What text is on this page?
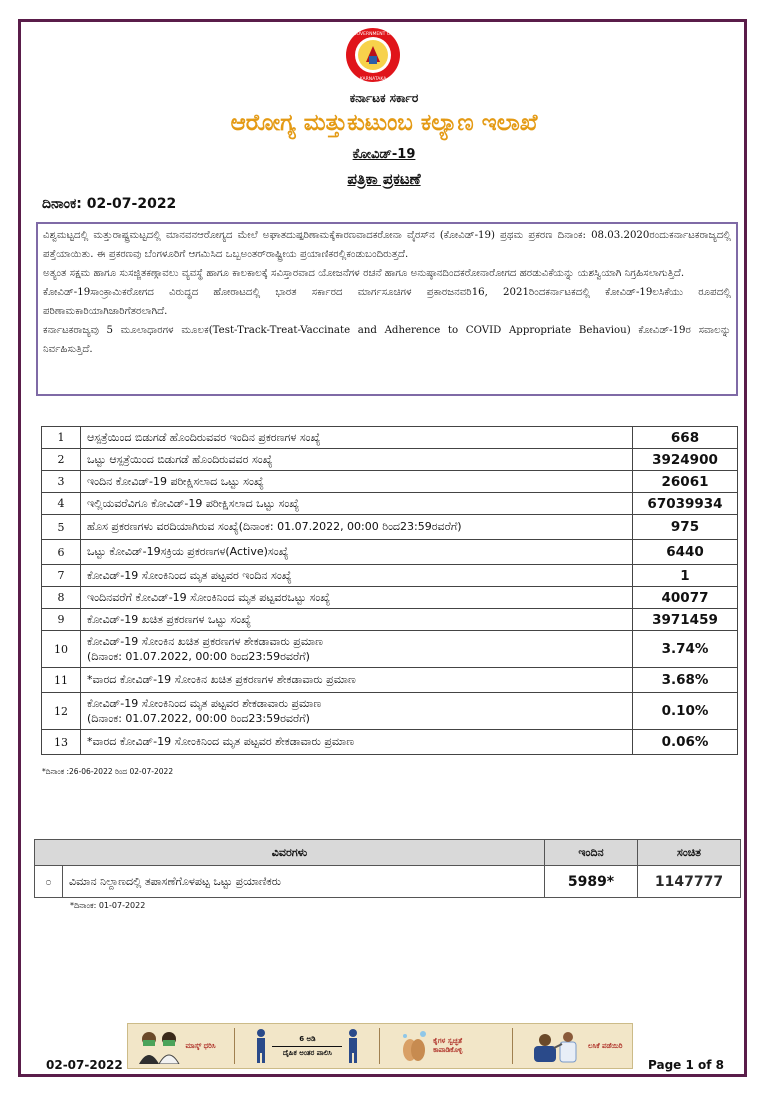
GOVERNMENT OF
KARNATAKA
ಕರ್ನಾಟಕ ಸರ್ಕಾರ
ಆರೋಗ್ಯ ಮತ್ತುಕುಟುಂಬ ಕಲ್ಯಾಣ ಇಲಾಖೆ
ಕೋವಿಡ್-19
ಪತ್ರಿಕಾ ಪ್ರಕಟಣೆ
ದಿನಾಂಕ: 02-07-2022

ವಿಶ್ವಮಟ್ಟದಲ್ಲಿ ಮತ್ತುರಾಷ್ಟ್ರಮಟ್ಟದಲ್ಲಿ ಮಾನವನಆರೋಗ್ಯದ ಮೇಲೆ ಅಘಾತದುಷ್ಪರಿಣಾಮಕ್ಕೆಕಾರಣವಾದಕರೋನಾ ವೈರಸ್‌ನ (ಕೋವಿಡ್-19) ಪ್ರಥಮ ಪ್ರಕರಣ ದಿನಾಂಕ: 08.03.2020ರಂದುಕರ್ನಾಟಕರಾಜ್ಯದಲ್ಲಿ ಪತ್ತೆಯಾಯಿತು. ಈ ಪ್ರಕರಣವು ಬೆಂಗಳೂರಿಗೆ ಆಗಮಿಸಿದ ಒಬ್ಬಅಂತರ್‌ರಾಷ್ಟ್ರೀಯ ಪ್ರಯಾಣಿಕರಲ್ಲಿಕಂಡುಬಂದಿರುತ್ತದೆ.

ಅತ್ಯಂತ ಸಕ್ಷಮ ಹಾಗೂ ಸುಸಜ್ಜಿತಕಣ್ಗಾವಲು ವ್ಯವಸ್ಥೆ ಹಾಗೂ ಕಾಲಕಾಲಕ್ಕೆ ಸವಿಸ್ತಾರವಾದ ಯೋಜನೆಗಳ ರಚನೆ ಹಾಗೂ ಅನುಷ್ಠಾನದಿಂದಕರೋನಾರೋಗದ ಹರಡುವಿಕೆಯನ್ನು ಯಶಸ್ವಿಯಾಗಿ ನಿಗ್ರಹಿಸಲಾಗುತ್ತಿದೆ.

ಕೋವಿಡ್-19ಸಾಂಕ್ರಾಮಿಕರೋಗದ ವಿರುದ್ಧದ ಹೋರಾಟದಲ್ಲಿ ಭಾರತ ಸರ್ಕಾರದ ಮಾರ್ಗಸೂಚಿಗಳ ಪ್ರಕಾರಜನವರಿ16, 2021ರಿಂದಕರ್ನಾಟಕದಲ್ಲಿ ಕೋವಿಡ್-19ಲಸಿಕೆಯು ರೂಪದಲ್ಲಿ ಪರಿಣಾಮಕಾರಿಯಾಗಿಜಾರಿಗೆತರಲಾಗಿದೆ.

ಕರ್ನಾಟಕರಾಜ್ಯವು 5 ಮೂಲಾಧಾರಗಳ ಮೂಲಕ(Test-Track-Treat-Vaccinate and Adherence to COVID Appropriate Behaviou) ಕೋವಿಡ್-19ರ ಸವಾಲನ್ನು ನಿರ್ವಹಿಸುತ್ತಿದೆ.

1	ಆಸ್ಪತ್ರೆಯಿಂದ ಬಿಡುಗಡೆ ಹೊಂದಿರುವವರ ಇಂದಿನ ಪ್ರಕರಣಗಳ ಸಂಖ್ಯೆ	668
2	ಒಟ್ಟು ಆಸ್ಪತ್ರೆಯಿಂದ ಬಿಡುಗಡೆ ಹೊಂದಿರುವವರ ಸಂಖ್ಯೆ	3924900
3	ಇಂದಿನ ಕೋವಿಡ್-19 ಪರೀಕ್ಷಿಸಲಾದ ಒಟ್ಟು ಸಂಖ್ಯೆ	26061
4	ಇಲ್ಲಿಯವರೆವಿಗೂ ಕೋವಿಡ್-19 ಪರೀಕ್ಷಿಸಲಾದ ಒಟ್ಟು ಸಂಖ್ಯೆ	67039934
5	ಹೊಸ ಪ್ರಕರಣಗಳು ವರದಿಯಾಗಿರುವ ಸಂಖ್ಯೆ(ದಿನಾಂಕ: 01.07.2022, 00:00 ರಿಂದ23:59ರವರೆಗೆ)	975
6	ಒಟ್ಟು ಕೋವಿಡ್-19ಸಕ್ರಿಯ ಪ್ರಕರಣಗಳ(Active)ಸಂಖ್ಯೆ	6440
7	ಕೋವಿಡ್-19 ಸೋಂಕಿನಿಂದ ಮೃತ ಪಟ್ಟವರ ಇಂದಿನ ಸಂಖ್ಯೆ	1
8	ಇಂದಿನವರೆಗೆ ಕೋವಿಡ್-19 ಸೋಂಕಿನಿಂದ ಮೃತ ಪಟ್ಟವರಒಟ್ಟು ಸಂಖ್ಯೆ	40077
9	ಕೋವಿಡ್-19 ಖಚಿತ ಪ್ರಕರಣಗಳ ಒಟ್ಟು ಸಂಖ್ಯೆ	3971459
10	ಕೋವಿಡ್-19 ಸೋಂಕಿನ ಖಚಿತ ಪ್ರಕರಣಗಳ ಶೇಕಡಾವಾರು ಪ್ರಮಾಣ
(ದಿನಾಂಕ: 01.07.2022, 00:00 ರಿಂದ23:59ರವರೆಗೆ)	3.74%
11	*ವಾರದ ಕೋವಿಡ್-19 ಸೋಂಕಿನ ಖಚಿತ ಪ್ರಕರಣಗಳ ಶೇಕಡಾವಾರು ಪ್ರಮಾಣ	3.68%
12	ಕೋವಿಡ್-19 ಸೋಂಕಿನಿಂದ ಮೃತ ಪಟ್ಟವರ ಶೇಕಡಾವಾರು ಪ್ರಮಾಣ
(ದಿನಾಂಕ: 01.07.2022, 00:00 ರಿಂದ23:59ರವರೆಗೆ)	0.10%
13	*ವಾರದ ಕೋವಿಡ್-19 ಸೋಂಕಿನಿಂದ ಮೃತ ಪಟ್ಟವರ ಶೇಕಡಾವಾರು ಪ್ರಮಾಣ	0.06%
*ದಿನಾಂಕ :26-06-2022 ರಿಂದ 02-07-2022
ವಿವರಗಳು		ಇಂದಿನ	ಸಂಚಿತ
೦	ವಿಮಾನ ನಿಲ್ದಾಣದಲ್ಲಿ ತಪಾಸಣೆಗೊಳಪಟ್ಟ ಒಟ್ಟು ಪ್ರಯಾಣಿಕರು	5989*	1147777
*ದಿನಾಂಕ: 01-07-2022
ಮಾಸ್ಕ್ ಧರಿಸಿ
6 ಅಡಿ
ದೈಹಿಕ ಅಂತರ ಪಾಲಿಸಿ
ಕೈಗಳ ಸ್ವಚ್ಛತೆ ಕಾಪಾಡಿಕೊಳ್ಳಿ
ಲಸಿಕೆ ಪಡೆಯಿರಿ
02-07-2022	Page 1 of 8
